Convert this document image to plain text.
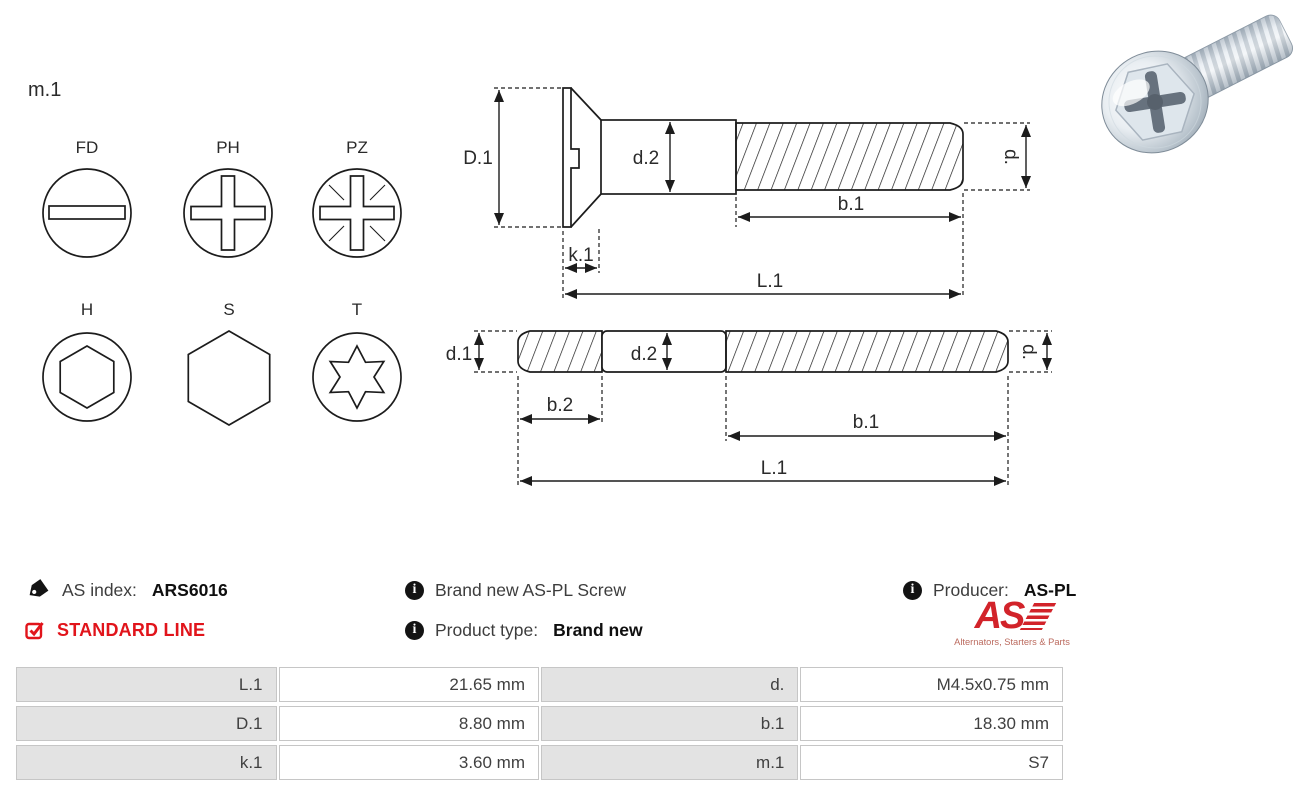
m.1
FD	PH	PZ
H	S	T
D.1	d.2	d.
b.1
k.1
L.1
d.1	d.2	d.
b.2
b.1
L.1
AS index: ARS6016
STANDARD LINE
i	Brand new AS-PL Screw
i	Product type: Brand new
i	Producer: AS-PL
AS
Alternators, Starters & Parts
L.1	21.65 mm	d.	M4.5x0.75 mm
D.1	8.80 mm	b.1	18.30 mm
k.1	3.60 mm	m.1	S7
